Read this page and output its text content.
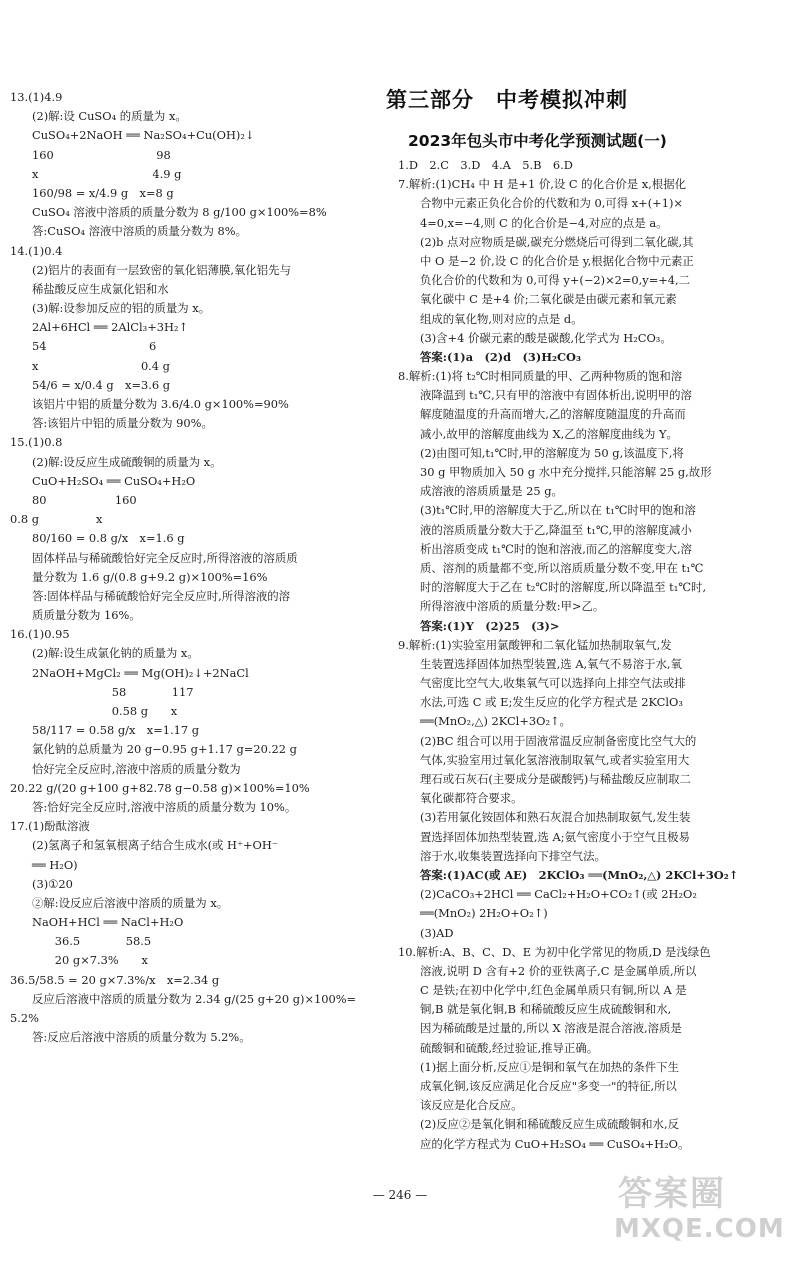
第三部分　中考模拟冲刺
2023年包头市中考化学预测试题(一)
13.(1)4.9
(2)解:设 CuSO₄ 的质量为 x。
CuSO₄+2NaOH ══ Na₂SO₄+Cu(OH)₂↓
160　　　　　　　　　98
x　　　　　　　　　　4.9 g
160/98 = x/4.9 g　x=8 g
CuSO₄ 溶液中溶质的质量分数为 8 g/100 g×100%=8%
答:CuSO₄ 溶液中溶质的质量分数为 8%。
14.(1)0.4
(2)铝片的表面有一层致密的氧化铝薄膜,氧化铝先与
稀盐酸反应生成氯化铝和水
(3)解:设参加反应的铝的质量为 x。
2Al+6HCl ══ 2AlCl₃+3H₂↑
54　　　　　　　　　6
x　　　　　　　　　0.4 g
54/6 = x/0.4 g　x=3.6 g
该铝片中铝的质量分数为 3.6/4.0 g×100%=90%
答:该铝片中铝的质量分数为 90%。
15.(1)0.8
(2)解:设反应生成硫酸铜的质量为 x。
CuO+H₂SO₄ ══ CuSO₄+H₂O
80　　　　　　160
0.8 g　　　　　x
80/160 = 0.8 g/x　x=1.6 g
固体样品与稀硫酸恰好完全反应时,所得溶液的溶质质
量分数为 1.6 g/(0.8 g+9.2 g)×100%=16%
答:固体样品与稀硫酸恰好完全反应时,所得溶液的溶
质质量分数为 16%。
16.(1)0.95
(2)解:设生成氯化钠的质量为 x。
2NaOH+MgCl₂ ══ Mg(OH)₂↓+2NaCl
　　　　　　　58　　　　117
　　　　　　　0.58 g　　x
58/117 = 0.58 g/x　x=1.17 g
氯化钠的总质量为 20 g−0.95 g+1.17 g=20.22 g
恰好完全反应时,溶液中溶质的质量分数为
20.22 g/(20 g+100 g+82.78 g−0.58 g)×100%=10%
答:恰好完全反应时,溶液中溶质的质量分数为 10%。
17.(1)酚酞溶液
(2)氢离子和氢氧根离子结合生成水(或 H⁺+OH⁻
══ H₂O)
(3)①20
②解:设反应后溶液中溶质的质量为 x。
NaOH+HCl ══ NaCl+H₂O
　　36.5　　　　58.5
　　20 g×7.3%　　x
36.5/58.5 = 20 g×7.3%/x　x=2.34 g
反应后溶液中溶质的质量分数为 2.34 g/(25 g+20 g)×100%=
5.2%
答:反应后溶液中溶质的质量分数为 5.2%。
1.D　2.C　3.D　4.A　5.B　6.D
7.解析:(1)CH₄ 中 H 是+1 价,设 C 的化合价是 x,根据化
合物中元素正负化合价的代数和为 0,可得 x+(+1)×
4=0,x=−4,则 C 的化合价是−4,对应的点是 a。
(2)b 点对应物质是碳,碳充分燃烧后可得到二氧化碳,其
中 O 是−2 价,设 C 的化合价是 y,根据化合物中元素正
负化合价的代数和为 0,可得 y+(−2)×2=0,y=+4,二
氧化碳中 C 是+4 价;二氧化碳是由碳元素和氧元素
组成的氧化物,则对应的点是 d。
(3)含+4 价碳元素的酸是碳酸,化学式为 H₂CO₃。
答案:(1)a　(2)d　(3)H₂CO₃
8.解析:(1)将 t₂℃时相同质量的甲、乙两种物质的饱和溶
液降温到 t₁℃,只有甲的溶液中有固体析出,说明甲的溶
解度随温度的升高而增大,乙的溶解度随温度的升高而
减小,故甲的溶解度曲线为 X,乙的溶解度曲线为 Y。
(2)由图可知,t₁℃时,甲的溶解度为 50 g,该温度下,将
30 g 甲物质加入 50 g 水中充分搅拌,只能溶解 25 g,故形
成溶液的溶质质量是 25 g。
(3)t₁℃时,甲的溶解度大于乙,所以在 t₁℃时甲的饱和溶
液的溶质质量分数大于乙,降温至 t₁℃,甲的溶解度减小
析出溶质变成 t₁℃时的饱和溶液,而乙的溶解度变大,溶
质、溶剂的质量都不变,所以溶质质量分数不变,甲在 t₁℃
时的溶解度大于乙在 t₂℃时的溶解度,所以降温至 t₁℃时,
所得溶液中溶质的质量分数:甲>乙。
答案:(1)Y　(2)25　(3)>
9.解析:(1)实验室用氯酸钾和二氧化锰加热制取氧气,发
生装置选择固体加热型装置,选 A,氧气不易溶于水,氧
气密度比空气大,收集氧气可以选择向上排空气法或排
水法,可选 C 或 E;发生反应的化学方程式是 2KClO₃
══(MnO₂,△) 2KCl+3O₂↑。
(2)BC 组合可以用于固液常温反应制备密度比空气大的
气体,实验室用过氧化氢溶液制取氧气,或者实验室用大
理石或石灰石(主要成分是碳酸钙)与稀盐酸反应制取二
氧化碳都符合要求。
(3)若用氯化铵固体和熟石灰混合加热制取氨气,发生装
置选择固体加热型装置,选 A;氨气密度小于空气且极易
溶于水,收集装置选择向下排空气法。
答案:(1)AC(或 AE)　2KClO₃ ══(MnO₂,△) 2KCl+3O₂↑
(2)CaCO₃+2HCl ══ CaCl₂+H₂O+CO₂↑(或 2H₂O₂
══(MnO₂) 2H₂O+O₂↑)
(3)AD
10.解析:A、B、C、D、E 为初中化学常见的物质,D 是浅绿色
溶液,说明 D 含有+2 价的亚铁离子,C 是金属单质,所以
C 是铁;在初中化学中,红色金属单质只有铜,所以 A 是
铜,B 就是氧化铜,B 和稀硫酸反应生成硫酸铜和水,
因为稀硫酸是过量的,所以 X 溶液是混合溶液,溶质是
硫酸铜和硫酸,经过验证,推导正确。
(1)据上面分析,反应①是铜和氧气在加热的条件下生
成氧化铜,该反应满足化合反应"多变一"的特征,所以
该反应是化合反应。
(2)反应②是氧化铜和稀硫酸反应生成硫酸铜和水,反
应的化学方程式为 CuO+H₂SO₄ ══ CuSO₄+H₂O。
— 246 —	答案圈
MXQE.COM
